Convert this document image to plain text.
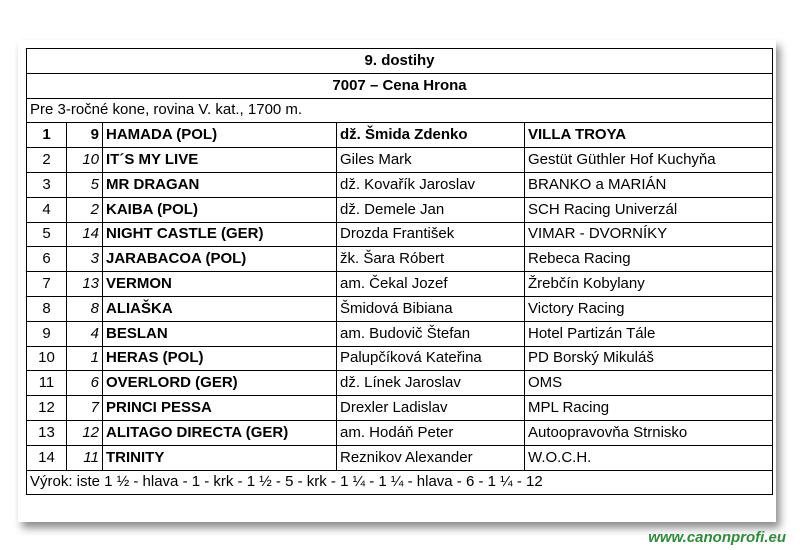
9. dostihy				
7007 – Cena Hrona				
Pre 3-ročné kone, rovina V. kat., 1700 m.				
1	9	HAMADA (POL)	dž. Šmida Zdenko	VILLA TROYA
2	10	IT´S MY LIVE	Giles Mark	Gestüt Güthler Hof Kuchyňa
3	5	MR DRAGAN	dž. Kovařík Jaroslav	BRANKO a MARIÁN
4	2	KAIBA (POL)	dž. Demele Jan	SCH Racing Univerzál
5	14	NIGHT CASTLE (GER)	Drozda František	VIMAR - DVORNÍKY
6	3	JARABACOA (POL)	žk. Šara Róbert	Rebeca Racing
7	13	VERMON	am. Čekal Jozef	Žrebčín Kobylany
8	8	ALIAŠKA	Šmidová Bibiana	Victory Racing
9	4	BESLAN	am. Budovič Štefan	Hotel Partizán Tále
10	1	HERAS (POL)	Palupčíková Kateřina	PD Borský Mikuláš
11	6	OVERLORD (GER)	dž. Línek Jaroslav	OMS
12	7	PRINCI PESSA	Drexler Ladislav	MPL Racing
13	12	ALITAGO DIRECTA (GER)	am. Hodáň Peter	Autoopravovňa Strnisko
14	11	TRINITY	Reznikov Alexander	W.O.C.H.
Výrok: iste 1 ½ - hlava - 1 - krk - 1 ½ - 5 - krk - 1 ¼ - 1 ¼ - hlava - 6 - 1 ¼ - 12				
www.canonprofi.eu
